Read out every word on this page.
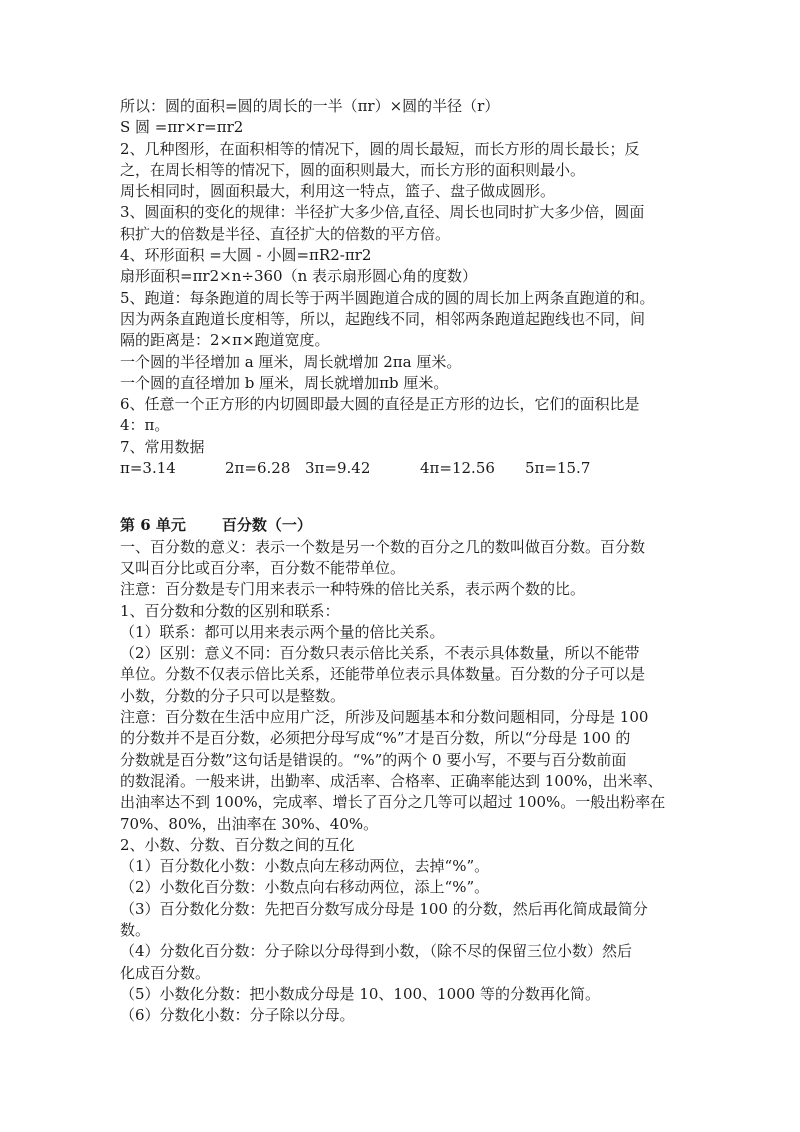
所以：圆的面积=圆的周长的一半（πr）×圆的半径（r）
S 圆 =πr×r=πr2
2、几种图形，在面积相等的情况下，圆的周长最短，而长方形的周长最长；反
之，在周长相等的情况下，圆的面积则最大，而长方形的面积则最小。
周长相同时，圆面积最大，利用这一特点，篮子、盘子做成圆形。
3、圆面积的变化的规律：半径扩大多少倍,直径、周长也同时扩大多少倍，圆面
积扩大的倍数是半径、直径扩大的倍数的平方倍。
4、环形面积 =大圆 - 小圆=πR2-πr2
扇形面积=πr2×n÷360（n 表示扇形圆心角的度数）
5、跑道：每条跑道的周长等于两半圆跑道合成的圆的周长加上两条直跑道的和。
因为两条直跑道长度相等，所以，起跑线不同，相邻两条跑道起跑线也不同，间
隔的距离是：2×π×跑道宽度。
一个圆的半径增加 a 厘米，周长就增加 2πa 厘米。
一个圆的直径增加 b 厘米，周长就增加πb 厘米。
6、任意一个正方形的内切圆即最大圆的直径是正方形的边长，它们的面积比是
4：π。
7、常用数据
π=3.14	2π=6.28 3π=9.42	4π=12.56 5π=15.7
第 6 单元 百分数（一）
一、百分数的意义：表示一个数是另一个数的百分之几的数叫做百分数。百分数
又叫百分比或百分率，百分数不能带单位。
注意：百分数是专门用来表示一种特殊的倍比关系，表示两个数的比。
1、百分数和分数的区别和联系：
（1）联系：都可以用来表示两个量的倍比关系。
（2）区别：意义不同：百分数只表示倍比关系，不表示具体数量，所以不能带
单位。分数不仅表示倍比关系，还能带单位表示具体数量。百分数的分子可以是
小数，分数的分子只可以是整数。
注意：百分数在生活中应用广泛，所涉及问题基本和分数问题相同，分母是 100
的分数并不是百分数，必须把分母写成“%”才是百分数，所以“分母是 100 的
分数就是百分数”这句话是错误的。“%”的两个 0 要小写，不要与百分数前面
的数混淆。一般来讲，出勤率、成活率、合格率、正确率能达到 100%，出米率、
出油率达不到 100%，完成率、增长了百分之几等可以超过 100%。一般出粉率在
70%、80%，出油率在 30%、40%。
2、小数、分数、百分数之间的互化
（1）百分数化小数：小数点向左移动两位，去掉“%”。
（2）小数化百分数：小数点向右移动两位，添上“%”。
（3）百分数化分数：先把百分数写成分母是 100 的分数，然后再化简成最简分
数。
（4）分数化百分数：分子除以分母得到小数，（除不尽的保留三位小数）然后
化成百分数。
（5）小数化分数：把小数成分母是 10、100、1000 等的分数再化简。
（6）分数化小数：分子除以分母。
